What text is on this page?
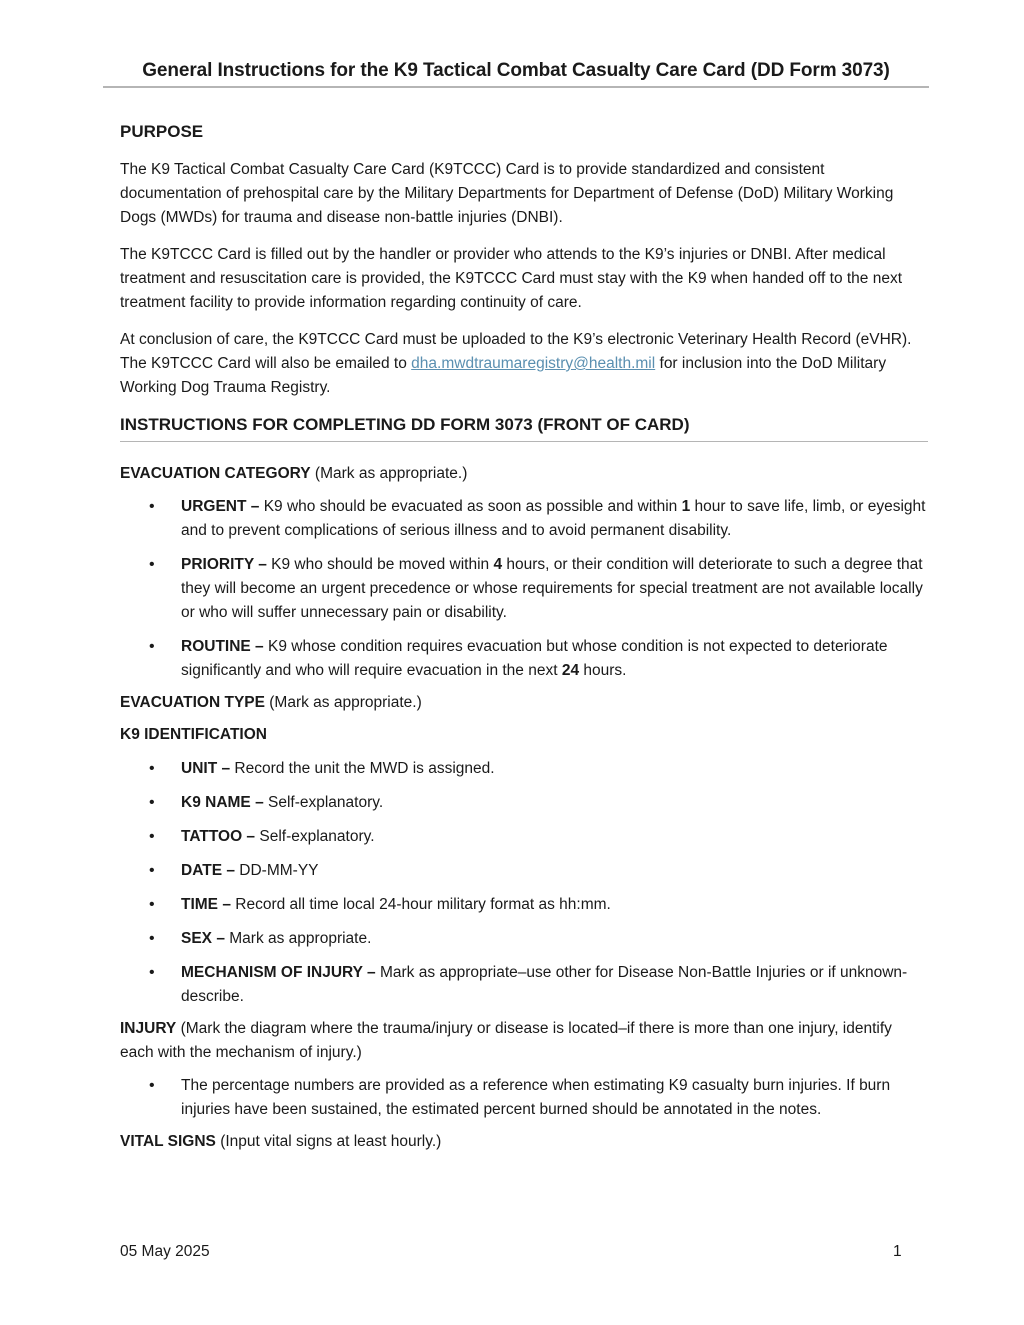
General Instructions for the K9 Tactical Combat Casualty Care Card (DD Form 3073)
PURPOSE

The K9 Tactical Combat Casualty Care Card (K9TCCC) Card is to provide standardized and consistent documentation of prehospital care by the Military Departments for Department of Defense (DoD) Military Working Dogs (MWDs) for trauma and disease non-battle injuries (DNBI).

The K9TCCC Card is filled out by the handler or provider who attends to the K9’s injuries or DNBI. After medical treatment and resuscitation care is provided, the K9TCCC Card must stay with the K9 when handed off to the next treatment facility to provide information regarding continuity of care.

At conclusion of care, the K9TCCC Card must be uploaded to the K9’s electronic Veterinary Health Record (eVHR). The K9TCCC Card will also be emailed to dha.mwdtraumaregistry@health.mil for inclusion into the DoD Military Working Dog Trauma Registry.

INSTRUCTIONS FOR COMPLETING DD FORM 3073 (FRONT OF CARD)

EVACUATION CATEGORY (Mark as appropriate.)

• URGENT – K9 who should be evacuated as soon as possible and within 1 hour to save life, limb, or eyesight and to prevent complications of serious illness and to avoid permanent disability.
• PRIORITY – K9 who should be moved within 4 hours, or their condition will deteriorate to such a degree that they will become an urgent precedence or whose requirements for special treatment are not available locally or who will suffer unnecessary pain or disability.
• ROUTINE – K9 whose condition requires evacuation but whose condition is not expected to deteriorate significantly and who will require evacuation in the next 24 hours.

EVACUATION TYPE (Mark as appropriate.)

K9 IDENTIFICATION

• UNIT – Record the unit the MWD is assigned.
• K9 NAME – Self-explanatory.
• TATTOO – Self-explanatory.
• DATE – DD-MM-YY
• TIME – Record all time local 24-hour military format as hh:mm.
• SEX – Mark as appropriate.
• MECHANISM OF INJURY – Mark as appropriate–use other for Disease Non-Battle Injuries or if unknown-describe.

INJURY (Mark the diagram where the trauma/injury or disease is located–if there is more than one injury, identify each with the mechanism of injury.)

• The percentage numbers are provided as a reference when estimating K9 casualty burn injuries. If burn injuries have been sustained, the estimated percent burned should be annotated in the notes.

VITAL SIGNS (Input vital signs at least hourly.)

05 May 2025	1
